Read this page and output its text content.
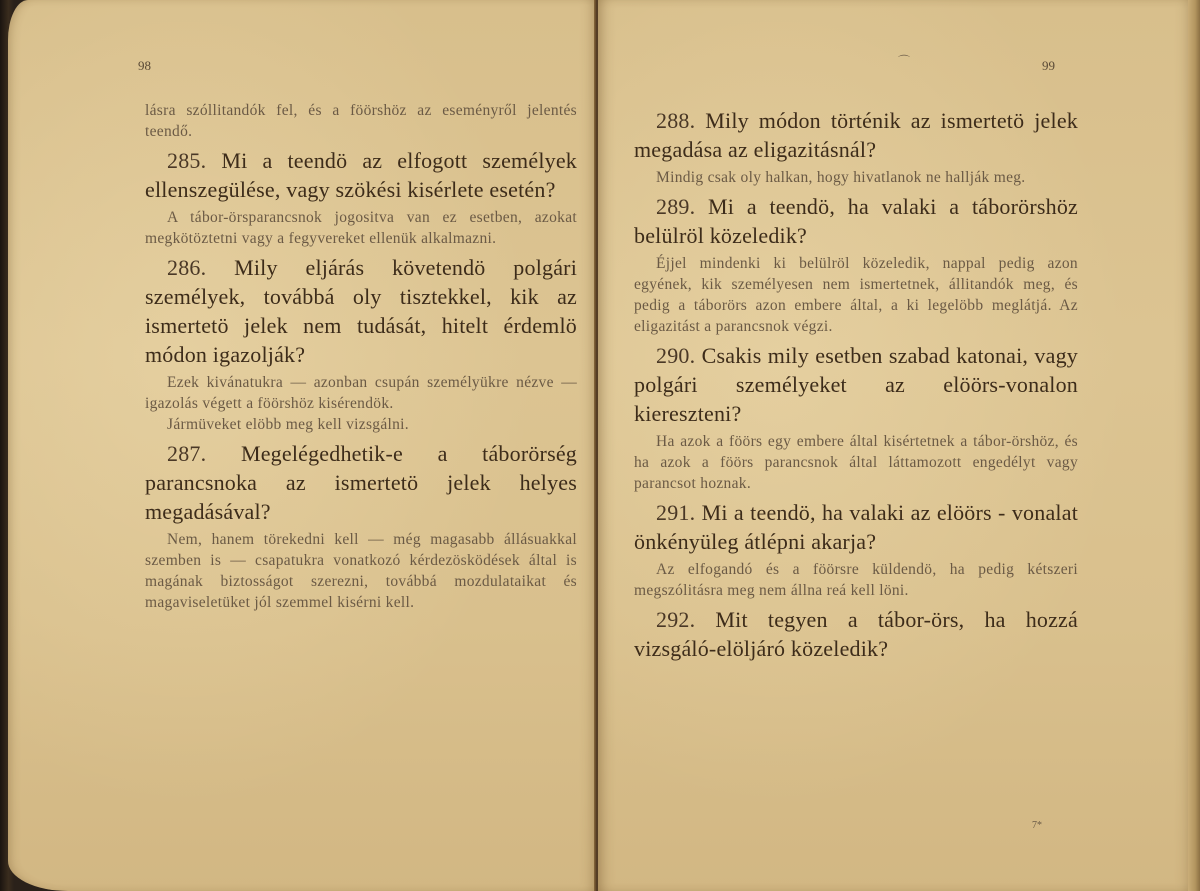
98

lásra szóllitandók fel, és a föörshöz az eseményről jelentés teendő.

285. Mi a teendö az elfogott személyek ellenszegülése, vagy szökési kisérlete esetén?

A tábor-örsparancsnok jogositva van ez esetben, azokat megkötöztetni vagy a fegyvereket ellenük alkalmazni.

286. Mily eljárás követendö polgári személyek, továbbá oly tisztekkel, kik az ismertetö jelek nem tudását, hitelt érdemlö módon igazolják?

Ezek kivánatukra — azonban csupán személyükre nézve — igazolás végett a föörshöz kisérendök.

Jármüveket elöbb meg kell vizsgálni.

287. Megelégedhetik-e a táborörség parancsnoka az ismertetö jelek helyes megadásával?

Nem, hanem törekedni kell — még magasabb állásuakkal szemben is — csapatukra vonatkozó kérdezösködések által is magának biztosságot szerezni, továbbá mozdulataikat és magaviseletüket jól szemmel kisérni kell.

⌒	99

288. Mily módon történik az ismertetö jelek megadása az eligazitásnál?

Mindig csak oly halkan, hogy hivatlanok ne hallják meg.

289. Mi a teendö, ha valaki a táborörshöz belülröl közeledik?

Éjjel mindenki ki belülröl közeledik, nappal pedig azon egyének, kik személyesen nem ismertetnek, állitandók meg, és pedig a táborörs azon embere által, a ki legelöbb meglátjá. Az eligazitást a parancsnok végzi.

290. Csakis mily esetben szabad katonai, vagy polgári személyeket az elöörs-vonalon kiereszteni?

Ha azok a föörs egy embere által kisértetnek a tábor-örshöz, és ha azok a föörs parancsnok által láttamozott engedélyt vagy parancsot hoznak.

291. Mi a teendö, ha valaki az elöörs - vonalat önkényüleg átlépni akarja?

Az elfogandó és a föörsre küldendö, ha pedig kétszeri megszólitásra meg nem állna reá kell löni.

292. Mit tegyen a tábor-örs, ha hozzá vizsgáló-elöljáró közeledik?

7*
